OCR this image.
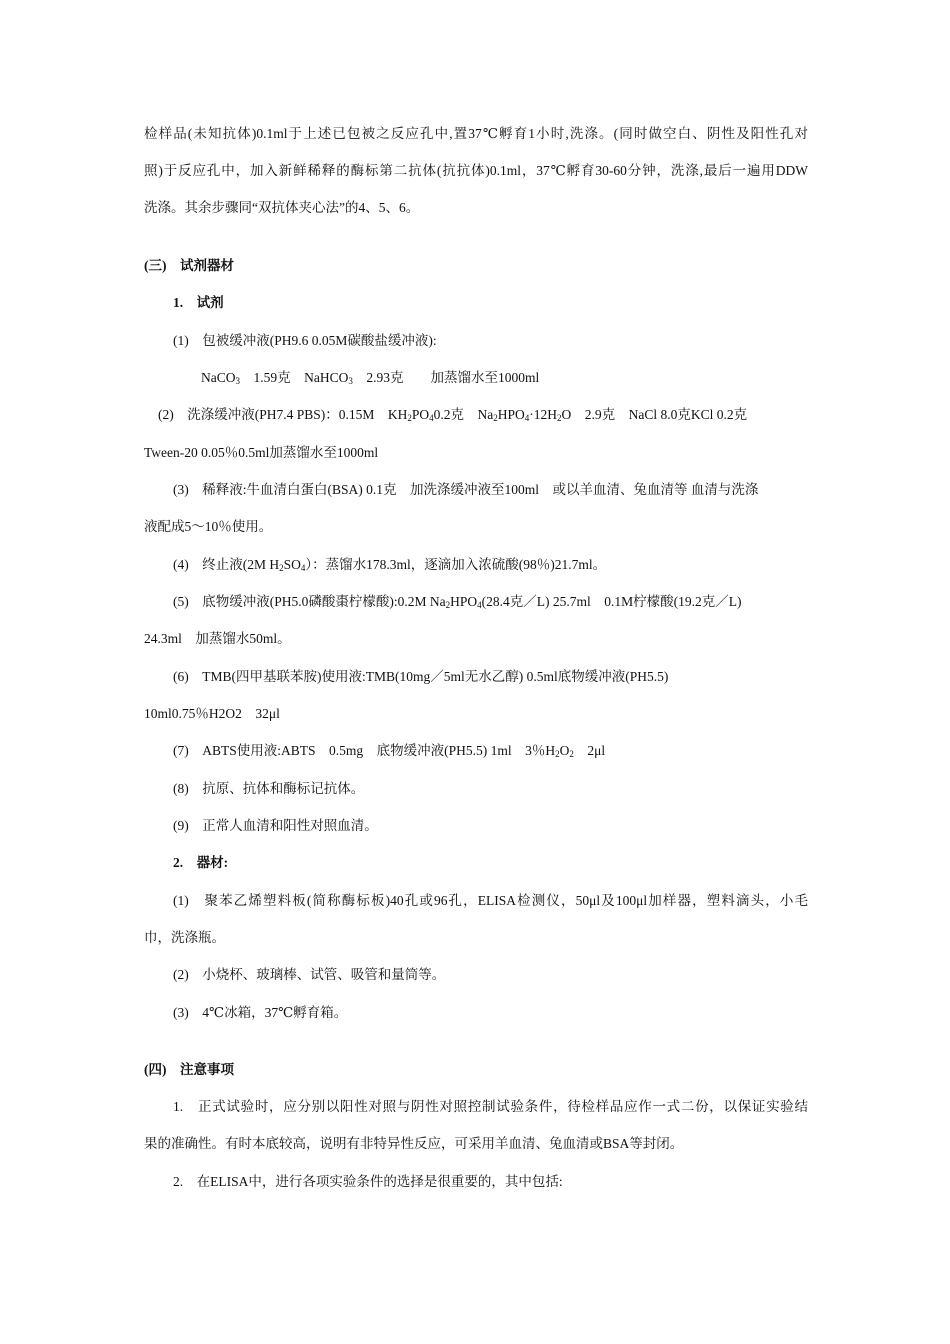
检样品(未知抗体)0.1ml于上述已包被之反应孔中,置37℃孵育1小时,洗涤。(同时做空白、阴性及阳性孔对

照)于反应孔中，加入新鲜稀释的酶标第二抗体(抗抗体)0.1ml，37℃孵育30-60分钟，洗涤,最后一遍用DDW

洗涤。其余步骤同“双抗体夹心法”的4、5、6。

(三)　试剂器材

1.　试剂

(1)　包被缓冲液(PH9.6 0.05M碳酸盐缓冲液):

NaCO$_3$　1.59克　NaHCO$_3$　2.93克　　加蒸馏水至1000ml

(2)　洗涤缓冲液(PH7.4 PBS)：0.15M　$KH_2PO_40.2$克　$Na_2HPO_4\cdot 12H_2O$　2.9克　NaCl 8.0克KCl 0.2克

Tween-20 0.05％0.5ml加蒸馏水至1000ml

(3)　稀释液:牛血清白蛋白(BSA) 0.1克　加洗涤缓冲液至100ml　或以羊血清、兔血清等 血清与洗涤

液配成5～10％使用。

(4)　终止液(2M $H_2SO_4$）：蒸馏水178.3ml，逐滴加入浓硫酸(98％)21.7ml。

(5)　底物缓冲液(PH5.0磷酸棗柠檬酸):0.2M $Na_2HPO_4(28.4$克／L) 25.7ml　0.1M柠檬酸(19.2克／L)

24.3ml　加蒸馏水50ml。

(6)　TMB(四甲基联苯胺)使用液:TMB(10mg／5ml无水乙醇) 0.5ml底物缓冲液(PH5.5)

10ml0.75％H2O2　32μl

(7)　ABTS使用液:ABTS　0.5mg　底物缓冲液(PH5.5) 1ml　3％$H_2O_2$　2μl

(8)　抗原、抗体和酶标记抗体。

(9)　正常人血清和阳性对照血清。

2.　器材:

(1)　聚苯乙烯塑料板(简称酶标板)40孔或96孔，ELISA检测仪，50μl及100μl加样器，塑料滴头，小毛

巾，洗涤瓶。

(2)　小烧杯、玻璃棒、试管、吸管和量筒等。

(3)　4℃冰箱，37℃孵育箱。

(四)　注意事项

1.　正式试验时，应分别以阳性对照与阴性对照控制试验条件，待检样品应作一式二份，以保证实验结

果的准确性。有时本底较高，说明有非特异性反应，可采用羊血清、兔血清或BSA等封闭。

2.　在ELISA中，进行各项实验条件的选择是很重要的，其中包括:
